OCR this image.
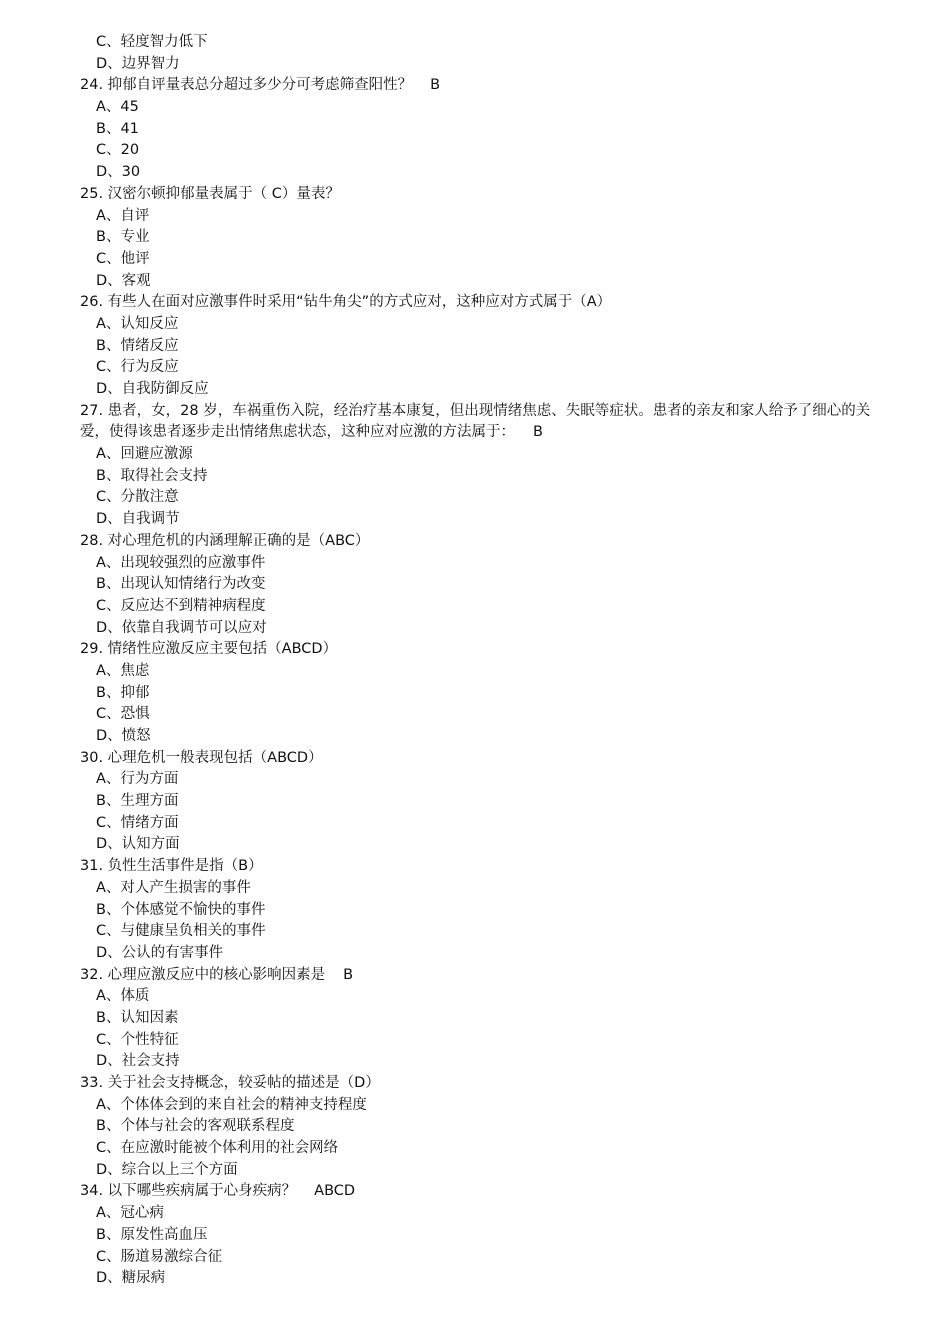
C、轻度智力低下
D、边界智力
24. 抑郁自评量表总分超过多少分可考虑筛查阳性？ B
A、45
B、41
C、20
D、30
25. 汉密尔顿抑郁量表属于（ C）量表？
A、自评
B、专业
C、他评
D、客观
26. 有些人在面对应激事件时采用“钻牛角尖”的方式应对，这种应对方式属于（A）
A、认知反应
B、情绪反应
C、行为反应
D、自我防御反应
27. 患者，女，28 岁，车祸重伤入院，经治疗基本康复，但出现情绪焦虑、失眠等症状。患者的亲友和家人给予了细心的关爱，使得该患者逐步走出情绪焦虑状态，这种应对应激的方法属于： B
A、回避应激源
B、取得社会支持
C、分散注意
D、自我调节
28. 对心理危机的内涵理解正确的是（ABC）
A、出现较强烈的应激事件
B、出现认知情绪行为改变
C、反应达不到精神病程度
D、依靠自我调节可以应对
29. 情绪性应激反应主要包括（ABCD）
A、焦虑
B、抑郁
C、恐惧
D、愤怒
30. 心理危机一般表现包括（ABCD）
A、行为方面
B、生理方面
C、情绪方面
D、认知方面
31. 负性生活事件是指（B）
A、对人产生损害的事件
B、个体感觉不愉快的事件
C、与健康呈负相关的事件
D、公认的有害事件
32. 心理应激反应中的核心影响因素是 B
A、体质
B、认知因素
C、个性特征
D、社会支持
33. 关于社会支持概念，较妥帖的描述是（D）
A、个体体会到的来自社会的精神支持程度
B、个体与社会的客观联系程度
C、在应激时能被个体利用的社会网络
D、综合以上三个方面
34. 以下哪些疾病属于心身疾病？ ABCD
A、冠心病
B、原发性高血压
C、肠道易激综合征
D、糖尿病
